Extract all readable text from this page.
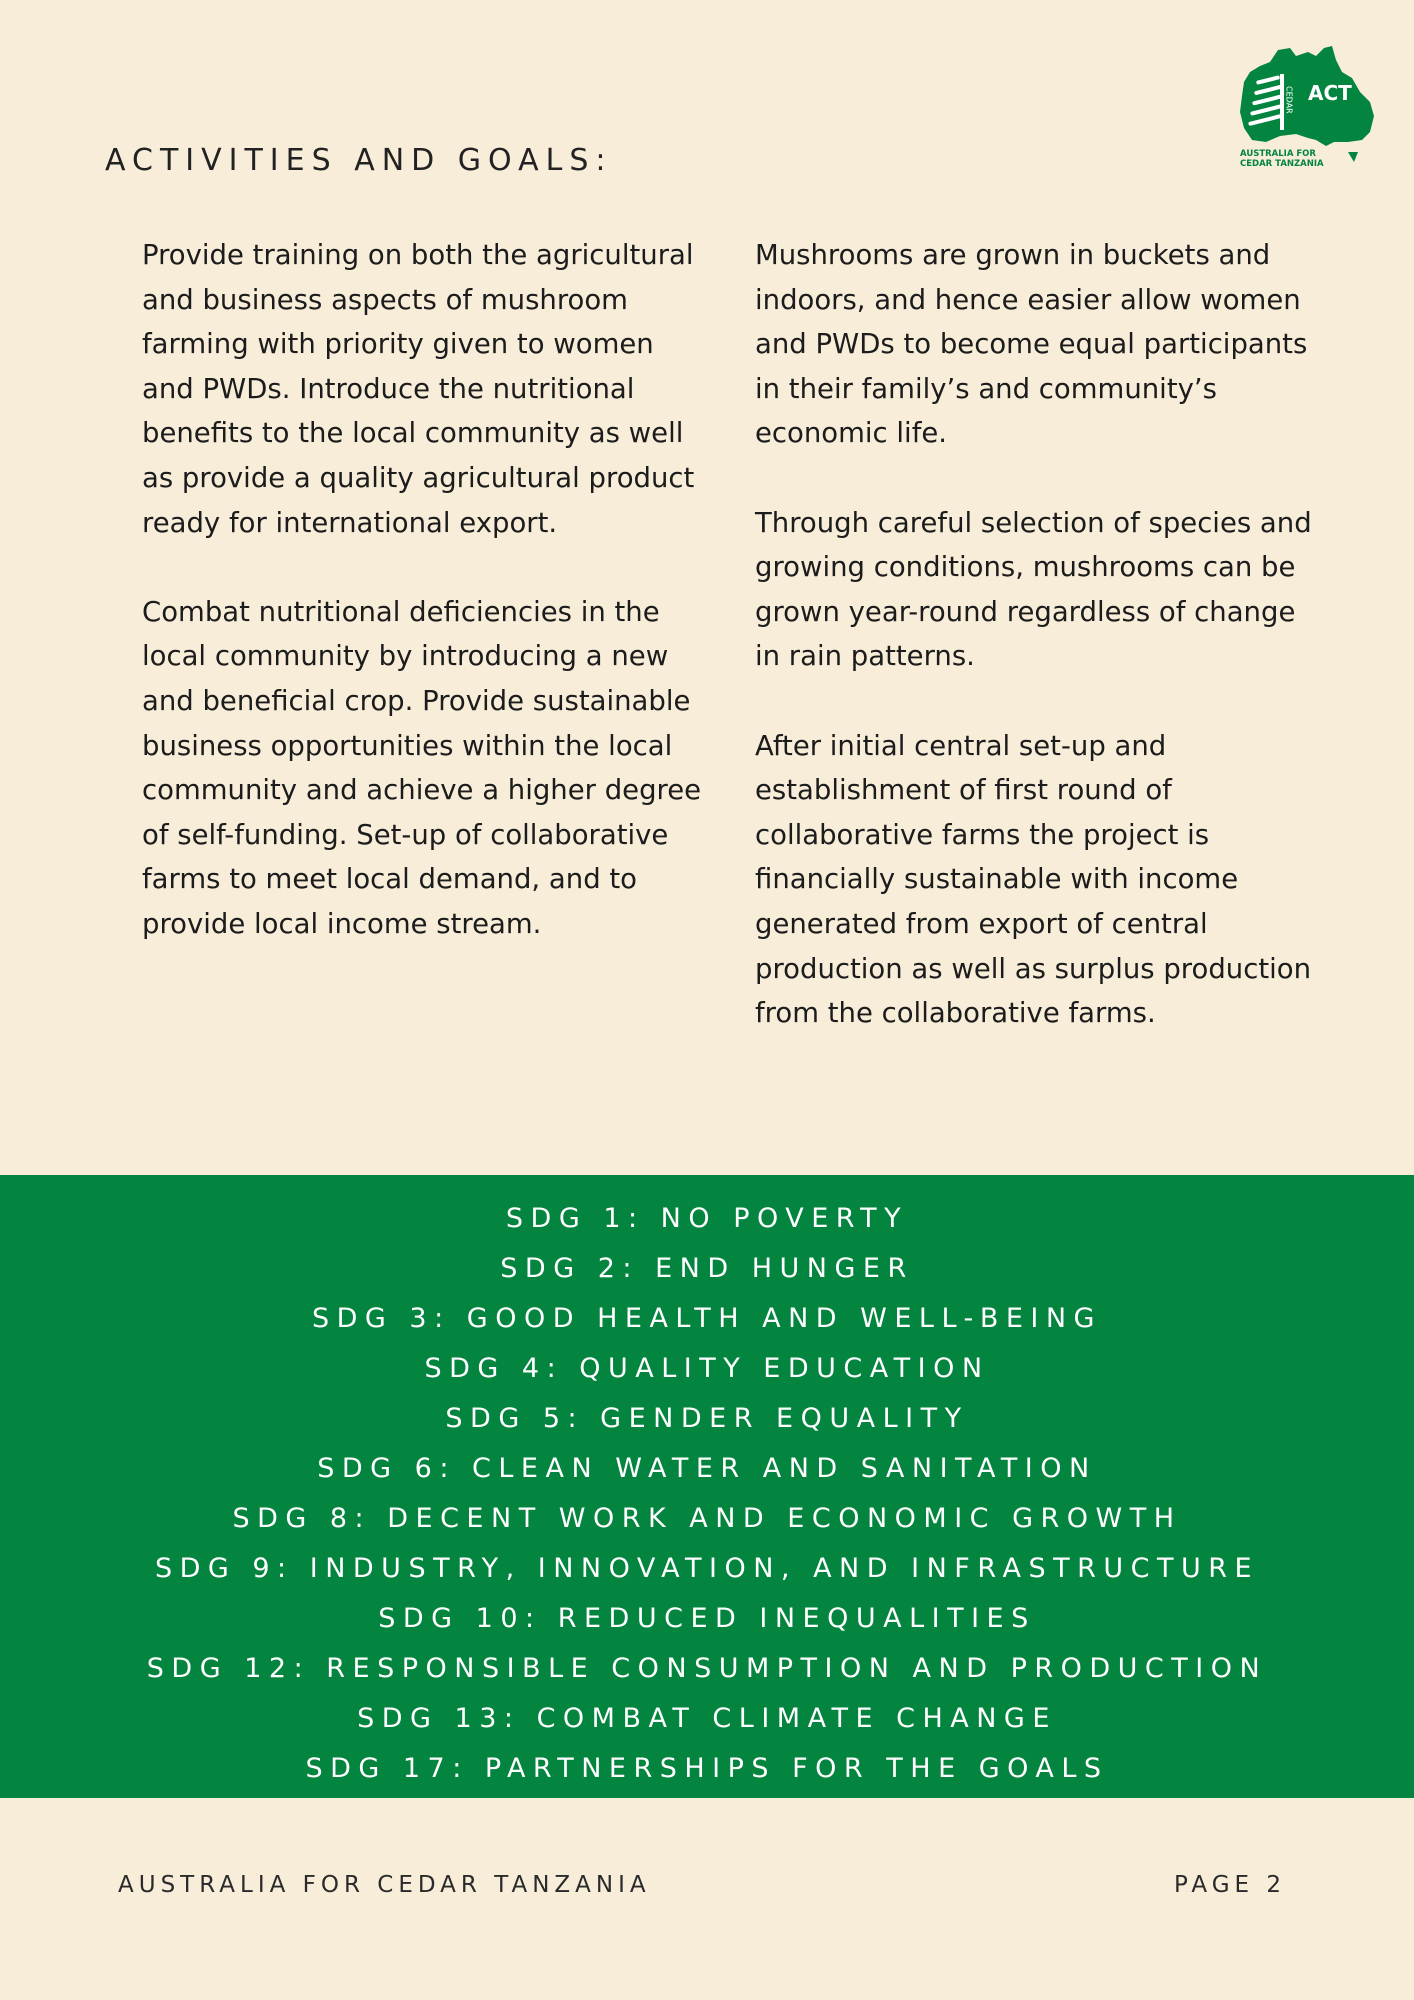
ACTIVITIES AND GOALS:
CEDAR ACT
AUSTRALIA FOR
CEDAR TANZANIA

Provide training on both the agricultural and business aspects of mushroom farming with priority given to women and PWDs. Introduce the nutritional benefits to the local community as well as provide a quality agricultural product ready for international export.

Combat nutritional deficiencies in the local community by introducing a new and beneficial crop. Provide sustainable business opportunities within the local community and achieve a higher degree of self-funding. Set-up of collaborative farms to meet local demand, and to provide local income stream.

Mushrooms are grown in buckets and indoors, and hence easier allow women and PWDs to become equal participants in their family’s and community’s economic life.

Through careful selection of species and growing conditions, mushrooms can be grown year-round regardless of change in rain patterns.

After initial central set-up and establishment of first round of collaborative farms the project is financially sustainable with income generated from export of central production as well as surplus production from the collaborative farms.

SDG 1: NO POVERTY
SDG 2: END HUNGER
SDG 3: GOOD HEALTH AND WELL-BEING
SDG 4: QUALITY EDUCATION
SDG 5: GENDER EQUALITY
SDG 6: CLEAN WATER AND SANITATION
SDG 8: DECENT WORK AND ECONOMIC GROWTH
SDG 9: INDUSTRY, INNOVATION, AND INFRASTRUCTURE
SDG 10: REDUCED INEQUALITIES
SDG 12: RESPONSIBLE CONSUMPTION AND PRODUCTION
SDG 13: COMBAT CLIMATE CHANGE
SDG 17: PARTNERSHIPS FOR THE GOALS
AUSTRALIA FOR CEDAR TANZANIA	PAGE 2
